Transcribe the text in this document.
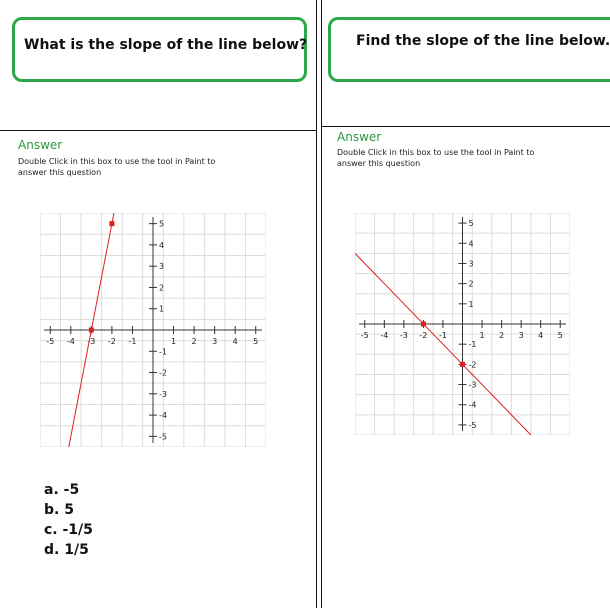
What is the slope of the line below?
Answer
Double Click in this box to use the tool in Paint to
answer this question
-5 -4 -3 -2 -1	1 2 3 4 5
5
4
3
2
1
-1
-2
-3
-4
-5
a. -5
b. 5
c. -1/5
d. 1/5
Find the slope of the line below.
Answer
Double Click in this box to use the tool in Paint to
answer this question
-5 -4 -3 -2 -1	1 2 3 4 5
5
4
3
2
1
-1
-2
-3
-4
-5
